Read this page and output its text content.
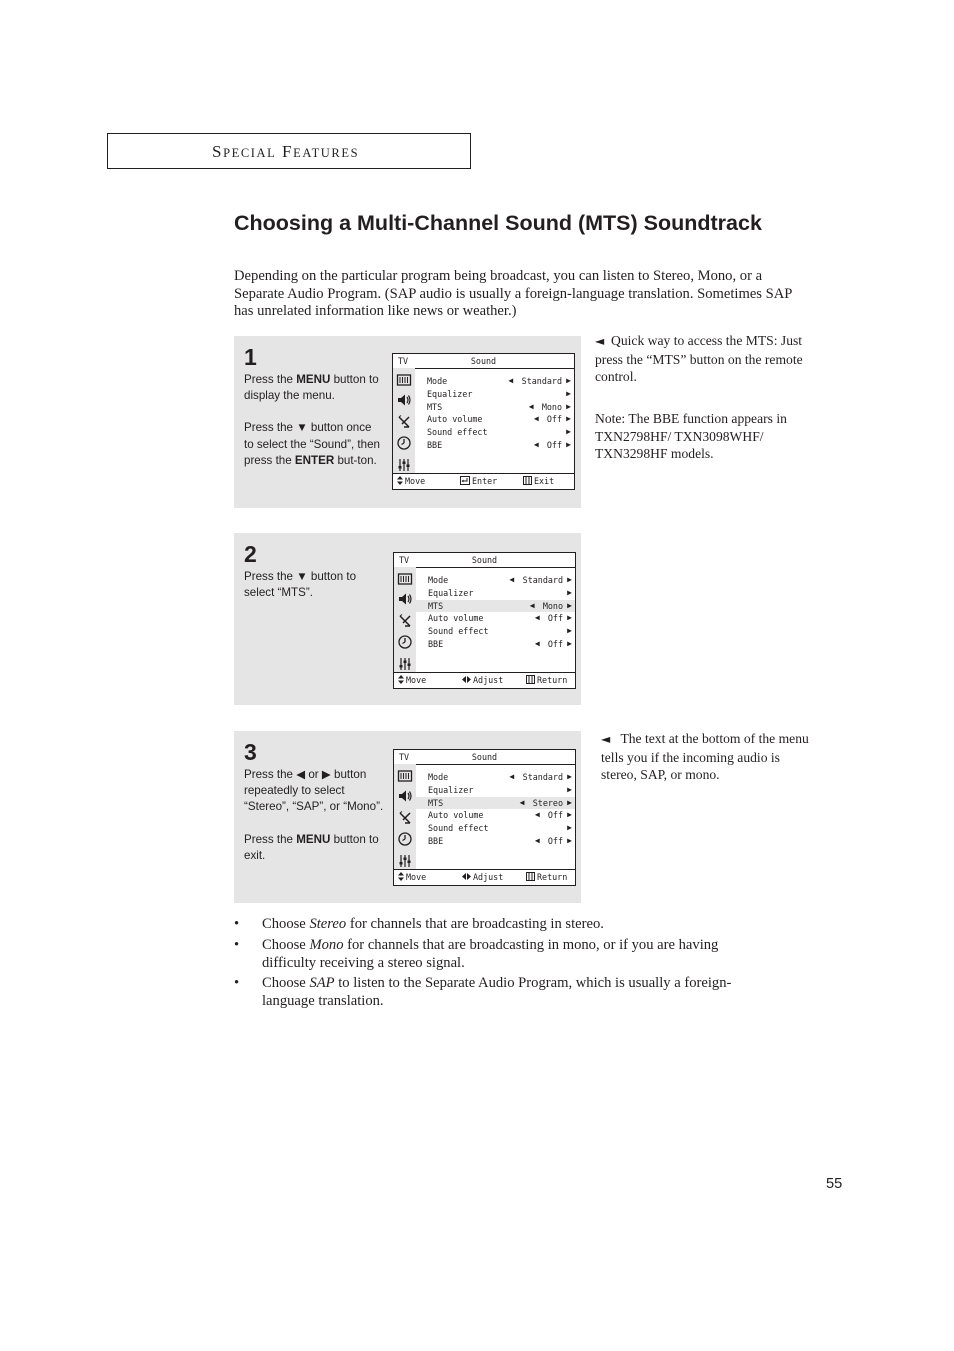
SPECIAL FEATURES
Choosing a Multi-Channel Sound (MTS) Soundtrack
Depending on the particular program being broadcast, you can listen to Stereo, Mono, or a Separate Audio Program. (SAP audio is usually a foreign-language translation. Sometimes SAP has unrelated information like news or weather.)
1

Press the MENU button to display the menu.

Press the ▼ button once to select the “Sound”, then press the ENTER but-ton.

TV	Sound
Mode	◀ Standard ▶
Equalizer	▶
MTS	◀ Mono ▶
Auto volume	◀ Off ▶
Sound effect	▶
BBE	◀ Off ▶
Move	Enter	Exit
2

Press the ▼ button to select “MTS”.

TV	Sound
Mode	◀ Standard ▶
Equalizer	▶
MTS	◀ Mono ▶
Auto volume	◀ Off ▶
Sound effect	▶
BBE	◀ Off ▶
Move	Adjust	Return
3

Press the ◀ or ▶ button repeatedly to select “Stereo”, “SAP”, or “Mono”.

Press the MENU button to exit.

TV	Sound
Mode	◀ Standard ▶
Equalizer	▶
MTS	◀ Stereo ▶
Auto volume	◀ Off ▶
Sound effect	▶
BBE	◀ Off ▶
Move	Adjust	Return
◄ Quick way to access the MTS: Just press the “MTS” button on the remote control.
Note: The BBE function appears in TXN2798HF/ TXN3098WHF/ TXN3298HF models.
◄ The text at the bottom of the menu tells you if the incoming audio is stereo, SAP, or mono.
• Choose Stereo for channels that are broadcasting in stereo.
• Choose Mono for channels that are broadcasting in mono, or if you are having difficulty receiving a stereo signal.
• Choose SAP to listen to the Separate Audio Program, which is usually a foreign-language translation.
55
